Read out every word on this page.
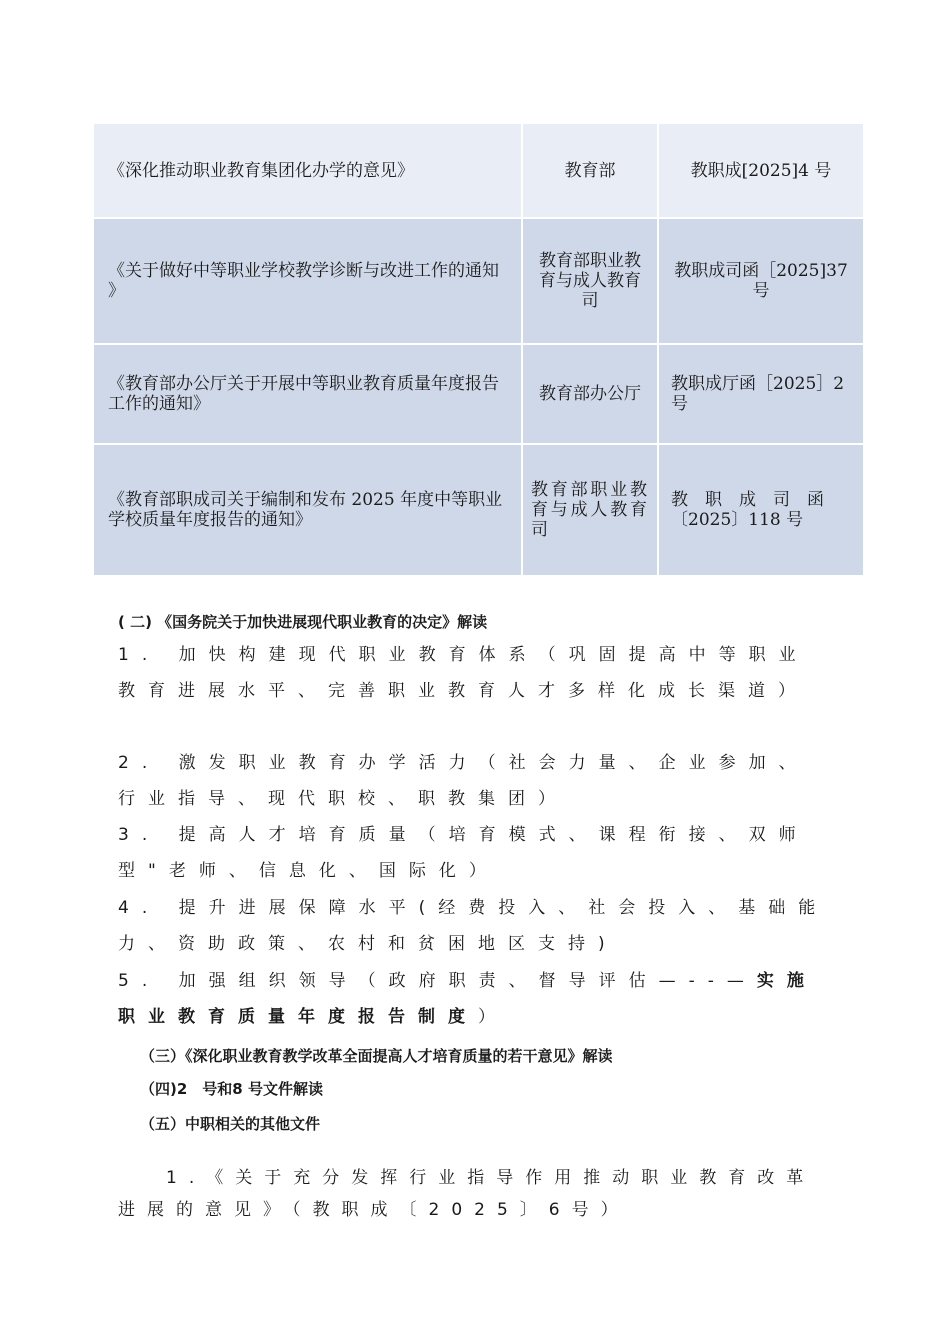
《深化推动职业教育集团化办学的意见》	教育部	教职成[2025]4 号
《关于做好中等职业学校教学诊断与改进工作的通知 》	教育部职业教育与成人教育司	教职成司函［2025]37 号
《教育部办公厅关于开展中等职业教育质量年度报告工作的通知》	教育部办公厅	教职成厅函［2025］2 号
《教育部职成司关于编制和发布 2025 年度中等职业学校质量年度报告的通知》	教育部职业教育与成人教育司	教　职　成　司　函〔2025〕118 号

( 二) 《国务院关于加快进展现代职业教育的决定》解读

1. 加快构建现代职业教育体系（巩固提高中等职业教育进展水平、完善职业教育人才多样化成长渠道）

2. 激发职业教育办学活力（社会力量、企业参加、行业指导、现代职校、职教集团）

3. 提高人才培育质量（培育模式、课程衔接、双师型"老师、信息化、国际化）

4. 提升进展保障水平(经费投入、社会投入、基础能力、资助政策、农村和贫困地区支持)

5. 加强组织领导（政府职责、督导评估—--—实施职业教育质量年度报告制度）

（三）《深化职业教育教学改革全面提高人才培育质量的若干意见》解读

（四)2　号和8 号文件解读

（五）中职相关的其他文件

1.《关于充分发挥行业指导作用推动职业教育改革进展的意见》（教职成〔2025〕6号）
